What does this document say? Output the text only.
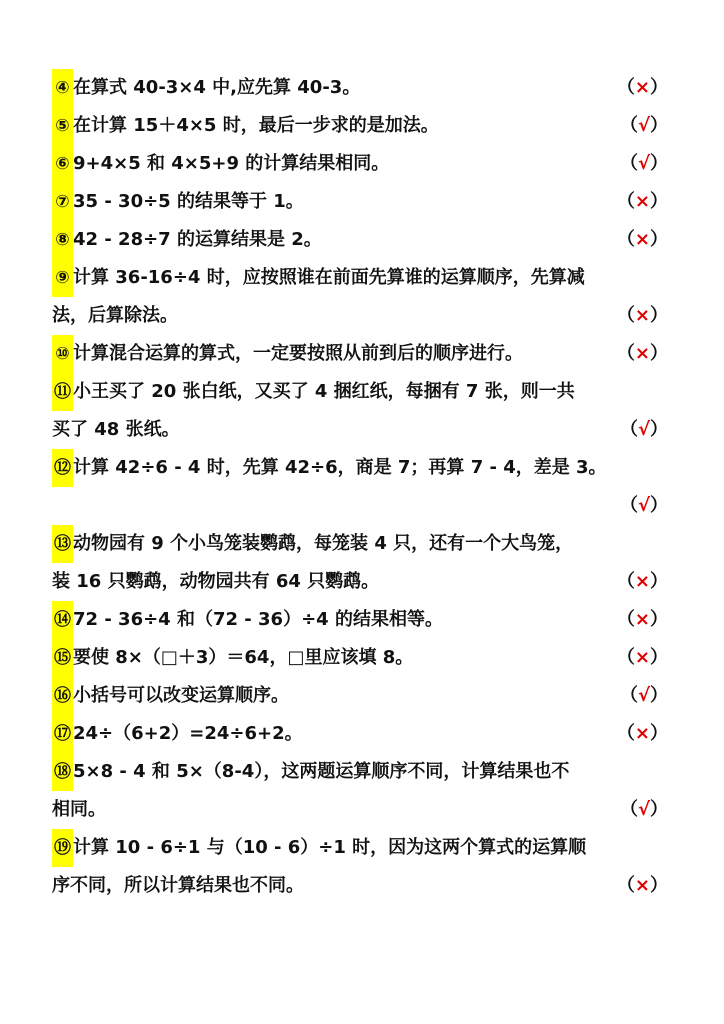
④ 在算式 40-3×4 中,应先算 40-3。	（×）
⑤ 在计算 15＋4×5 时，最后一步求的是加法。	（√）
⑥ 9+4×5 和 4×5+9 的计算结果相同。	（√）
⑦ 35 - 30÷5 的结果等于 1。	（×）
⑧ 42 - 28÷7 的运算结果是 2。	（×）
⑨ 计算 36-16÷4 时，应按照谁在前面先算谁的运算顺序，先算减
法，后算除法。	（×）
⑩ 计算混合运算的算式，一定要按照从前到后的顺序进行。	（×）
⑪ 小王买了 20 张白纸，又买了 4 捆红纸，每捆有 7 张，则一共
买了 48 张纸。	（√）
⑫ 计算 42÷6 - 4 时，先算 42÷6，商是 7；再算 7 - 4，差是 3。
（√）
⑬ 动物园有 9 个小鸟笼装鹦鹉，每笼装 4 只，还有一个大鸟笼，
装 16 只鹦鹉，动物园共有 64 只鹦鹉。	（×）
⑭ 72 - 36÷4 和（72 - 36）÷4 的结果相等。	（×）
⑮ 要使 8×（□＋3）＝64，□里应该填 8。	（×）
⑯ 小括号可以改变运算顺序。	（√）
⑰ 24÷（6+2）=24÷6+2。	（×）
⑱ 5×8 - 4 和 5×（8-4），这两题运算顺序不同，计算结果也不
相同。	（√）
⑲ 计算 10 - 6÷1 与（10 - 6）÷1 时，因为这两个算式的运算顺
序不同，所以计算结果也不同。	（×）
